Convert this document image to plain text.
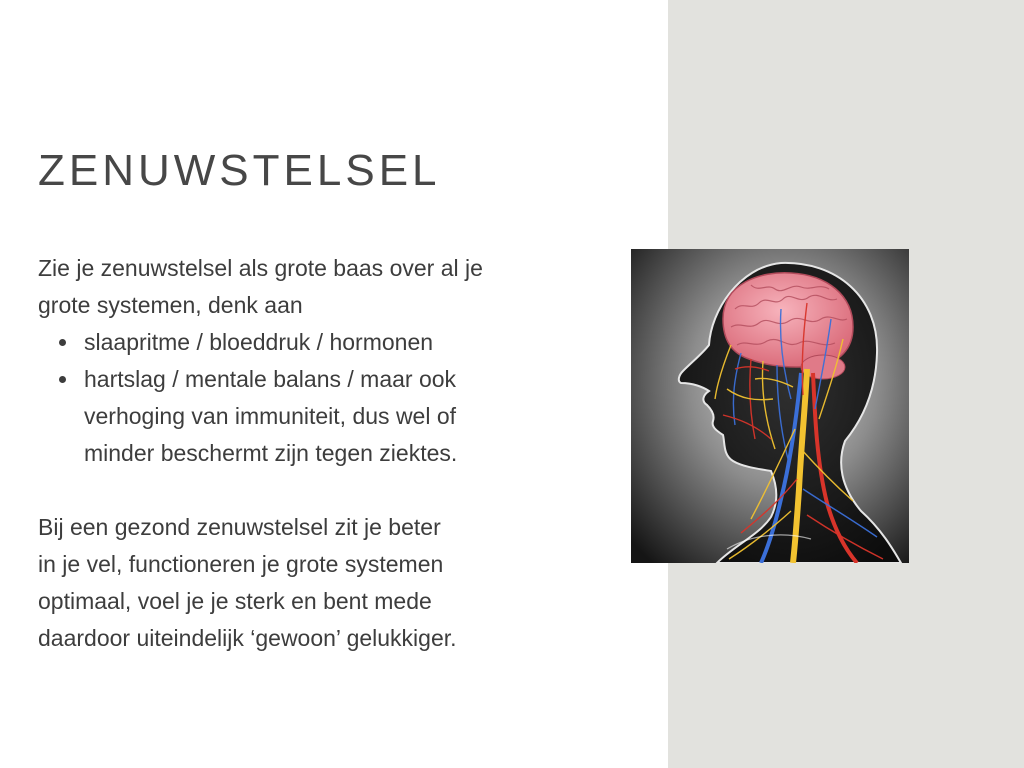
ZENUWSTELSEL
Zie je zenuwstelsel als grote baas over al je
grote systemen, denk aan
slaapritme / bloeddruk / hormonen
hartslag / mentale balans / maar ook
verhoging van immuniteit, dus wel of
minder beschermt zijn tegen ziektes.
Bij een gezond zenuwstelsel zit je beter
in je vel, functioneren je grote systemen
optimaal, voel je je sterk en bent mede
daardoor uiteindelijk ‘gewoon’ gelukkiger.
